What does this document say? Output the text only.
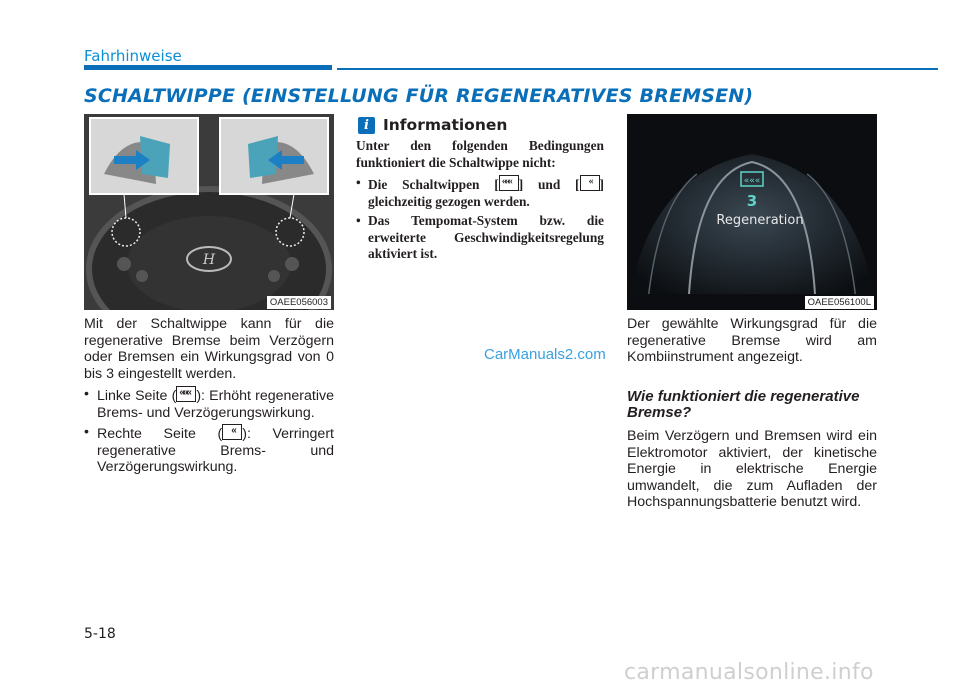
Fahrhinweise
SCHALTWIPPE (EINSTELLUNG FÜR REGENERATIVES BREMSEN)
H
OAEE056003

Mit der Schaltwippe kann für die regenerative Bremse beim Verzögern oder Bremsen ein Wirkungsgrad von 0 bis 3 eingestellt werden.

• Linke Seite ( ««« ): Erhöht regenerative Brems- und Verzögerungswirkung.
• Rechte Seite ( « ): Verringert regenerative Brems- und Verzögerungswirkung.
i Informationen

Unter den folgenden Bedingungen funktioniert die Schaltwippe nicht:

• Die Schaltwippen [ ««« ] und [ « ] gleichzeitig gezogen werden.
• Das Tempomat-System bzw. die erweiterte Geschwindigkeitsregelung aktiviert ist.
CarManuals2.com
«««
3
Regeneration
OAEE056100L

Der gewählte Wirkungsgrad für die regenerative Bremse wird am Kombiinstrument angezeigt.

Wie funktioniert die regenerative Bremse?

Beim Verzögern und Bremsen wird ein Elektromotor aktiviert, der kinetische Energie in elektrische Energie umwandelt, die zum Aufladen der Hochspannungsbatterie benutzt wird.

5-18
carmanualsonline.info
